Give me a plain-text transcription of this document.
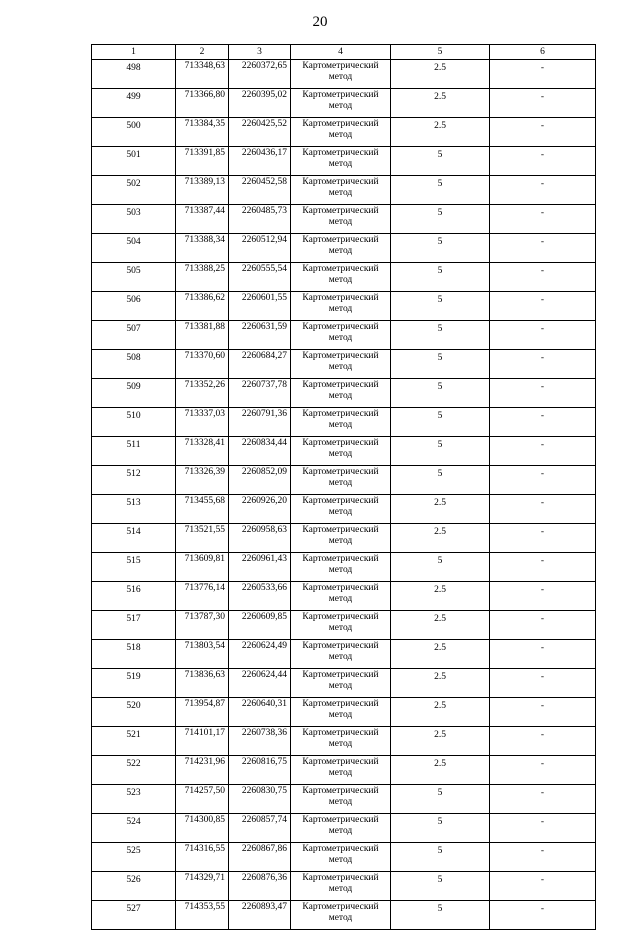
20
1	2	3	4	5	6
498	713348,63	2260372,65	Картометрический метод	2.5	-
499	713366,80	2260395,02	Картометрический метод	2.5	-
500	713384,35	2260425,52	Картометрический метод	2.5	-
501	713391,85	2260436,17	Картометрический метод	5	-
502	713389,13	2260452,58	Картометрический метод	5	-
503	713387,44	2260485,73	Картометрический метод	5	-
504	713388,34	2260512,94	Картометрический метод	5	-
505	713388,25	2260555,54	Картометрический метод	5	-
506	713386,62	2260601,55	Картометрический метод	5	-
507	713381,88	2260631,59	Картометрический метод	5	-
508	713370,60	2260684,27	Картометрический метод	5	-
509	713352,26	2260737,78	Картометрический метод	5	-
510	713337,03	2260791,36	Картометрический метод	5	-
511	713328,41	2260834,44	Картометрический метод	5	-
512	713326,39	2260852,09	Картометрический метод	5	-
513	713455,68	2260926,20	Картометрический метод	2.5	-
514	713521,55	2260958,63	Картометрический метод	2.5	-
515	713609,81	2260961,43	Картометрический метод	5	-
516	713776,14	2260533,66	Картометрический метод	2.5	-
517	713787,30	2260609,85	Картометрический метод	2.5	-
518	713803,54	2260624,49	Картометрический метод	2.5	-
519	713836,63	2260624,44	Картометрический метод	2.5	-
520	713954,87	2260640,31	Картометрический метод	2.5	-
521	714101,17	2260738,36	Картометрический метод	2.5	-
522	714231,96	2260816,75	Картометрический метод	2.5	-
523	714257,50	2260830,75	Картометрический метод	5	-
524	714300,85	2260857,74	Картометрический метод	5	-
525	714316,55	2260867,86	Картометрический метод	5	-
526	714329,71	2260876,36	Картометрический метод	5	-
527	714353,55	2260893,47	Картометрический метод	5	-
